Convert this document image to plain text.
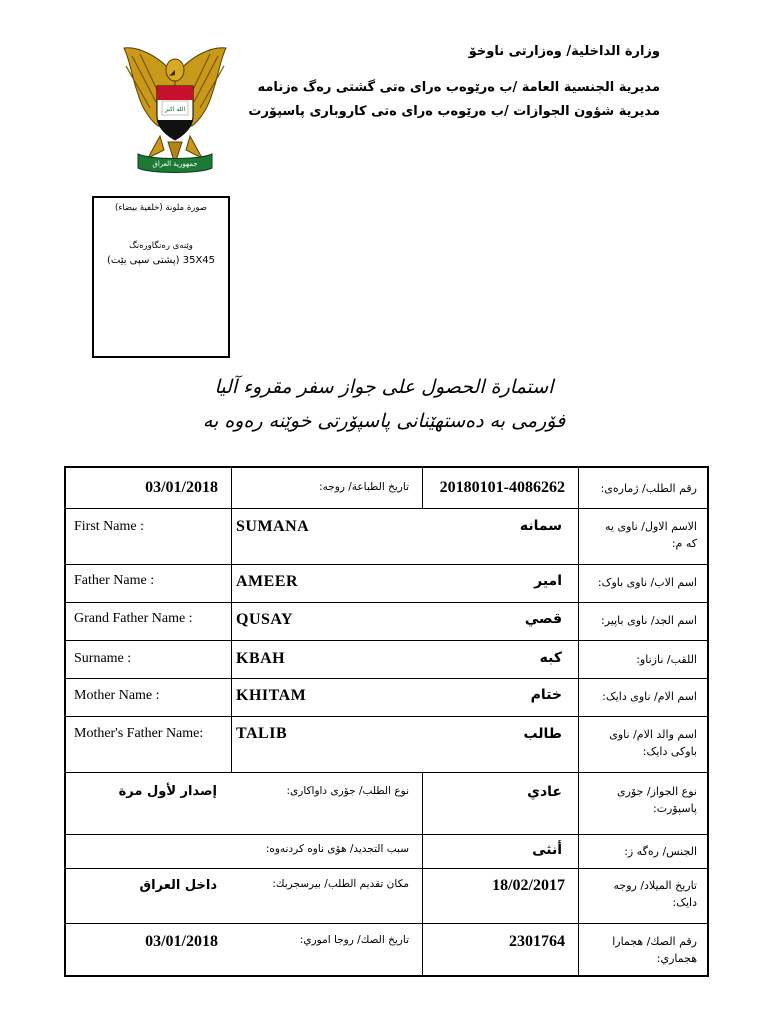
الله اكبر
جمهورية العراق
وزارة الداخلية/ وەزارتی ناوخۆ
مديرية الجنسية العامة /ب ەرێوەب ەرای ەتی گشتی رەگ ەزنامە
مديرية شؤون الجوازات /ب ەرێوەب ەرای ەتی کاروباری پاسپۆرت
صورة ملونة (خلفية بيضاء)
وێنەی رەنگاورەنگ
35X45 (پشتی سپی بێت)
استمارة الحصول على جواز سفر مقروء آليا
فۆرمی بە دەستهێنانی پاسپۆرتی خوێنە رەوە بە
رقم الطلب/ ژمارەی:
20180101-4086262
تاريخ الطباعة/ روجە:
03/01/2018
الاسم الاول/ ناوی یە کە م:
سمانه
SUMANA
First Name :
اسم الاب/ ناوی باوک:
امير
AMEER
Father Name :
اسم الجد/ ناوی باپیر:
قصي
QUSAY
Grand Father Name :
اللقب/ نازناو:
كبه
KBAH
Surname :
اسم الام/ ناوی دایک:
ختام
KHITAM
Mother Name :
اسم والد الام/ ناوی باوکی دایک:
طالب
TALIB
Mother's Father Name:
نوع الجواز/ جۆری پاسپۆرت:
عادي
نوع الطلب/ جۆری داواکاری:
إصدار لأول مرة
الجنس/ رەگە ز:
أنثى
سبب التجديد/ هۆی ناوە کردنەوە:
تاريخ الميلاد/ روجە دایک:
18/02/2017
مكان تقديم الطلب/ بیرسجربك:
داخل العراق
رقم الصك/ هجمارا هجماري:
2301764
تاريخ الصك/ روجا اموري:
03/01/2018
